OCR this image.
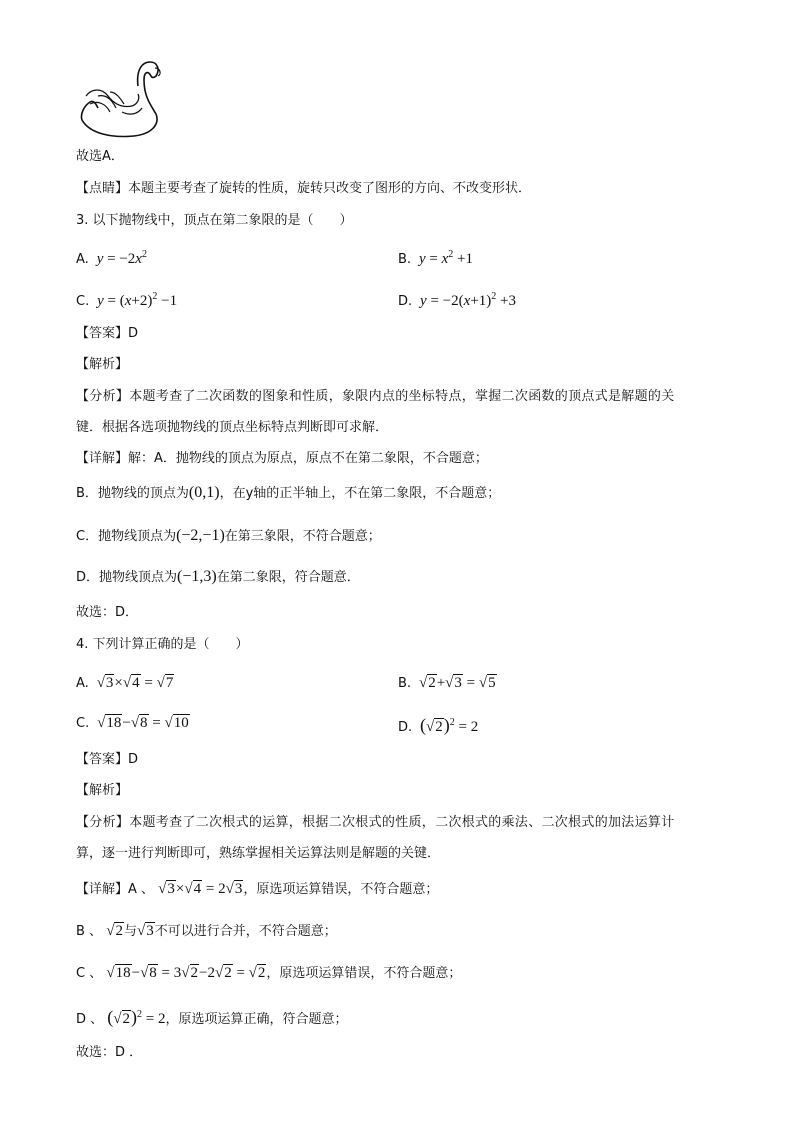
故选A．
【点睛】本题主要考查了旋转的性质，旋转只改变了图形的方向、不改变形状．
3. 以下抛物线中，顶点在第二象限的是（　　）
A.  $y = -2x^2$	B.  $y = x^2 +1$
C.  $y = (x+2)^2 -1$	D.  $y = -2(x+1)^2 +3$
【答案】D
【解析】
【分析】本题考查了二次函数的图象和性质，象限内点的坐标特点，掌握二次函数的顶点式是解题的关
键．根据各选项抛物线的顶点坐标特点判断即可求解．
【详解】解：A．抛物线的顶点为原点，原点不在第二象限，不合题意；
B．抛物线的顶点为(0,1)，在y轴的正半轴上，不在第二象限，不合题意；
C．抛物线顶点为(−2,−1)在第三象限，不符合题意；
D．抛物线顶点为(−1,3)在第二象限，符合题意．
故选：D．
4. 下列计算正确的是（　　）
A.  √3×√4 = √7	B.  √2+√3 = √5
C.  √18−√8 = √10	D. $(√2)^2 = 2$
【答案】D
【解析】
【分析】本题考查了二次根式的运算，根据二次根式的性质，二次根式的乘法、二次根式的加法运算计
算，逐一进行判断即可，熟练掌握相关运算法则是解题的关键．
【详解】A 、 √3×√4 = 2√3，原选项运算错误，不符合题意；
B 、 √2与√3不可以进行合并，不符合题意；
C 、 √18−√8 = 3√2−2√2 = √2，原选项运算错误，不符合题意；
D 、 $(√2)^2 = 2$，原选项运算正确，符合题意；
故选：D ．
